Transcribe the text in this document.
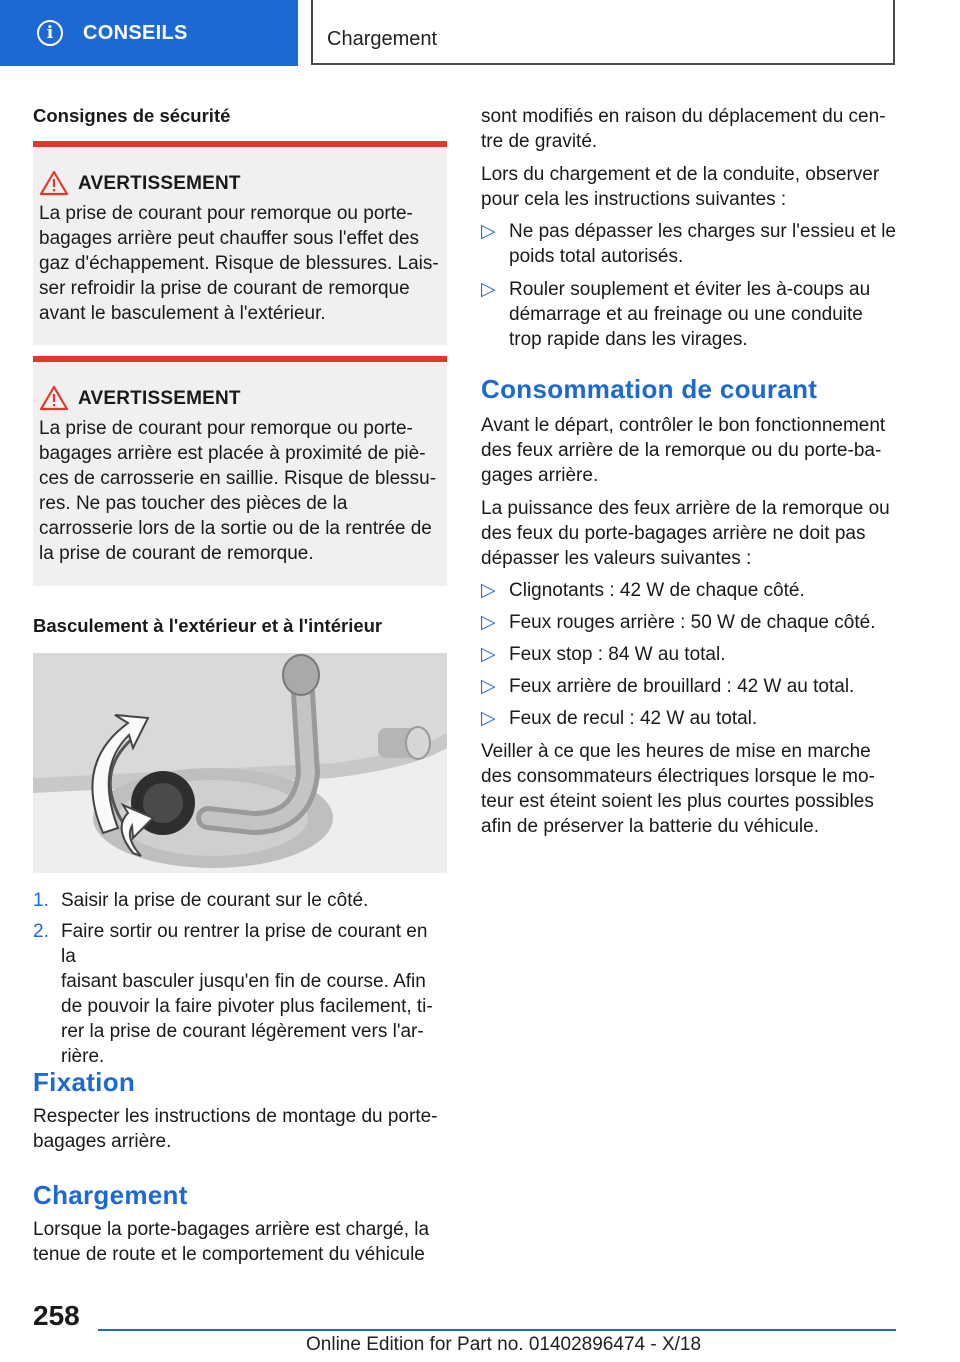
i	CONSEILS	Chargement
Consignes de sécurité
AVERTISSEMENT
La prise de courant pour remorque ou porte-
bagages arrière peut chauffer sous l'effet des
gaz d'échappement. Risque de blessures. Lais-
ser refroidir la prise de courant de remorque
avant le basculement à l'extérieur.
AVERTISSEMENT
La prise de courant pour remorque ou porte-
bagages arrière est placée à proximité de piè-
ces de carrosserie en saillie. Risque de blessu-
res. Ne pas toucher des pièces de la
carrosserie lors de la sortie ou de la rentrée de
la prise de courant de remorque.
Basculement à l'extérieur et à l'intérieur
1. Saisir la prise de courant sur le côté.
2. Faire sortir ou rentrer la prise de courant en la
faisant basculer jusqu'en fin de course. Afin
de pouvoir la faire pivoter plus facilement, ti-
rer la prise de courant légèrement vers l'ar-
rière.
Fixation
Respecter les instructions de montage du porte-
bagages arrière.
Chargement
Lorsque la porte-bagages arrière est chargé, la
tenue de route et le comportement du véhicule
sont modifiés en raison du déplacement du cen-
tre de gravité.
Lors du chargement et de la conduite, observer
pour cela les instructions suivantes :
▷ Ne pas dépasser les charges sur l'essieu et le
poids total autorisés.
▷ Rouler souplement et éviter les à-coups au
démarrage et au freinage ou une conduite
trop rapide dans les virages.
Consommation de courant
Avant le départ, contrôler le bon fonctionnement
des feux arrière de la remorque ou du porte-ba-
gages arrière.
La puissance des feux arrière de la remorque ou
des feux du porte-bagages arrière ne doit pas
dépasser les valeurs suivantes :
▷ Clignotants : 42 W de chaque côté.
▷ Feux rouges arrière : 50 W de chaque côté.
▷ Feux stop : 84 W au total.
▷ Feux arrière de brouillard : 42 W au total.
▷ Feux de recul : 42 W au total.
Veiller à ce que les heures de mise en marche
des consommateurs électriques lorsque le mo-
teur est éteint soient les plus courtes possibles
afin de préserver la batterie du véhicule.
258
Online Edition for Part no. 01402896474 - X/18
